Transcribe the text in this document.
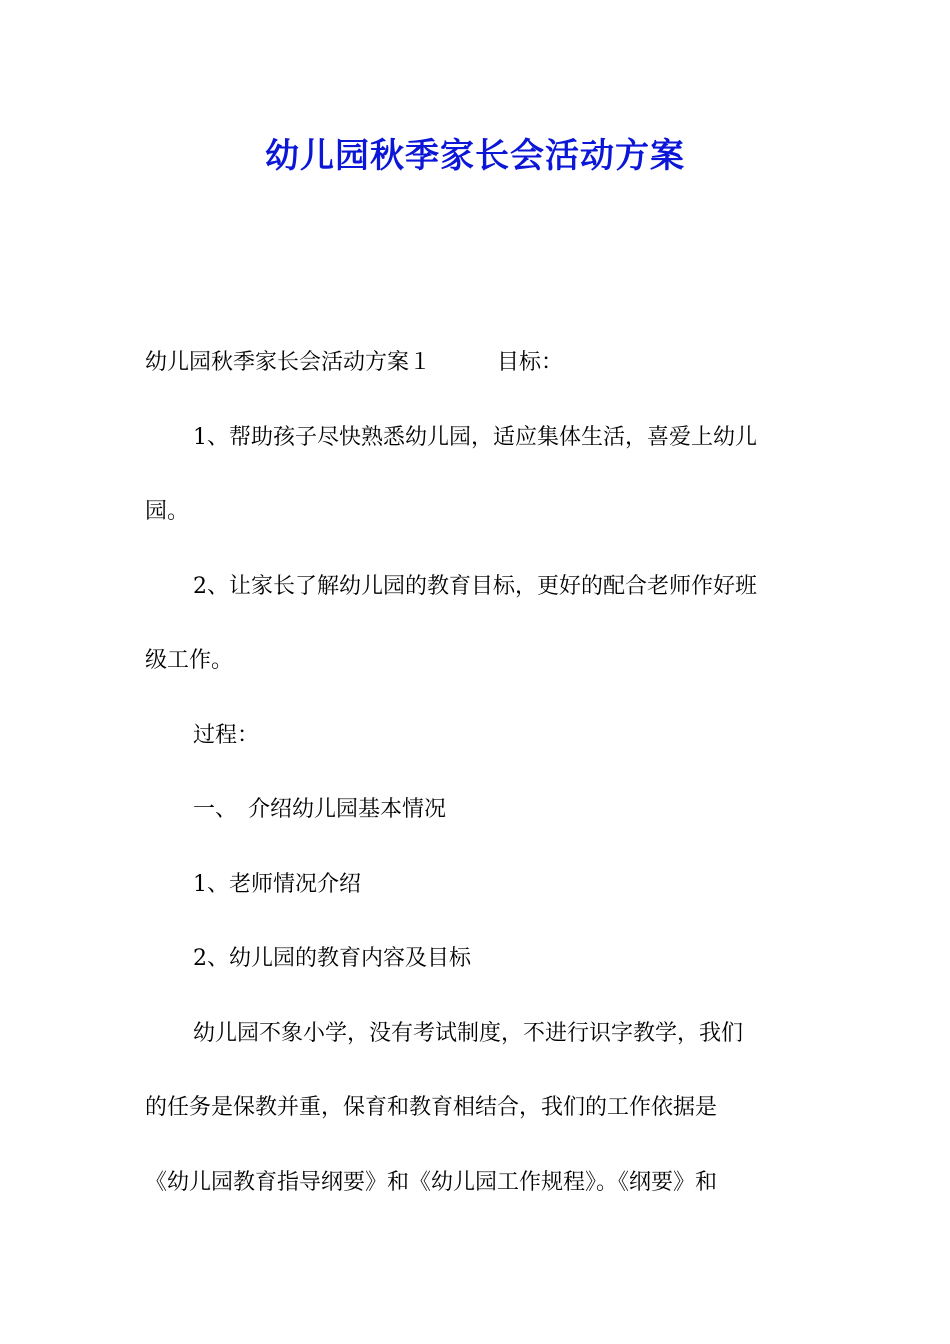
幼儿园秋季家长会活动方案

幼儿园秋季家长会活动方案１	目标：

1、帮助孩子尽快熟悉幼儿园，适应集体生活，喜爱上幼儿

园。

2、让家长了解幼儿园的教育目标，更好的配合老师作好班

级工作。

过程：

一、　介绍幼儿园基本情况

1、老师情况介绍

2、幼儿园的教育内容及目标

幼儿园不象小学，没有考试制度，不进行识字教学，我们

的任务是保教并重，保育和教育相结合，我们的工作依据是

《幼儿园教育指导纲要》和《幼儿园工作规程》。《纲要》和
